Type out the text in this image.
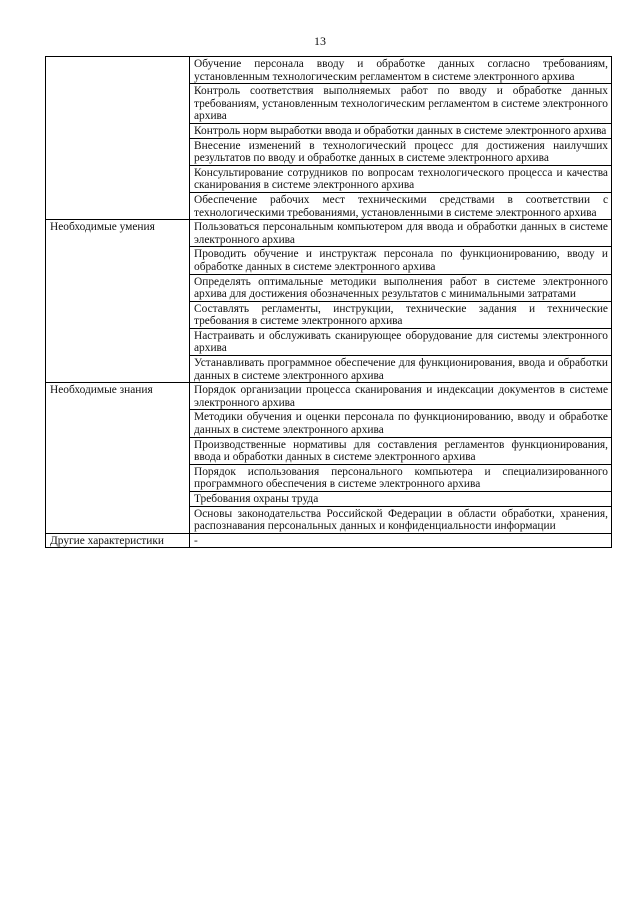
13
	Обучение персонала вводу и обработке данных согласно требованиям, установленным технологическим регламентом в системе электронного архива
	Контроль соответствия выполняемых работ по вводу и обработке данных требованиям, установленным технологическим регламентом в системе электронного архива
	Контроль норм выработки ввода и обработки данных в системе электронного архива
	Внесение изменений в технологический процесс для достижения наилучших результатов по вводу и обработке данных в системе электронного архива
	Консультирование сотрудников по вопросам технологического процесса и качества сканирования в системе электронного архива
	Обеспечение рабочих мест техническими средствами в соответствии с технологическими требованиями, установленными в системе электронного архива
Необходимые умения	Пользоваться персональным компьютером для ввода и обработки данных в системе электронного архива
	Проводить обучение и инструктаж персонала по функционированию, вводу и обработке данных в системе электронного архива
	Определять оптимальные методики выполнения работ в системе электронного архива для достижения обозначенных результатов с минимальными затратами
	Составлять регламенты, инструкции, технические задания и технические требования в системе электронного архива
	Настраивать и обслуживать сканирующее оборудование для системы электронного архива
	Устанавливать программное обеспечение для функционирования, ввода и обработки данных в системе электронного архива
Необходимые знания	Порядок организации процесса сканирования и индексации документов в системе электронного архива
	Методики обучения и оценки персонала по функционированию, вводу и обработке данных в системе электронного архива
	Производственные нормативы для составления регламентов функционирования, ввода и обработки данных в системе электронного архива
	Порядок использования персонального компьютера и специализированного программного обеспечения в системе электронного архива
	Требования охраны труда
	Основы законодательства Российской Федерации в области обработки, хранения, распознавания персональных данных и конфиденциальности информации
Другие характеристики	-
